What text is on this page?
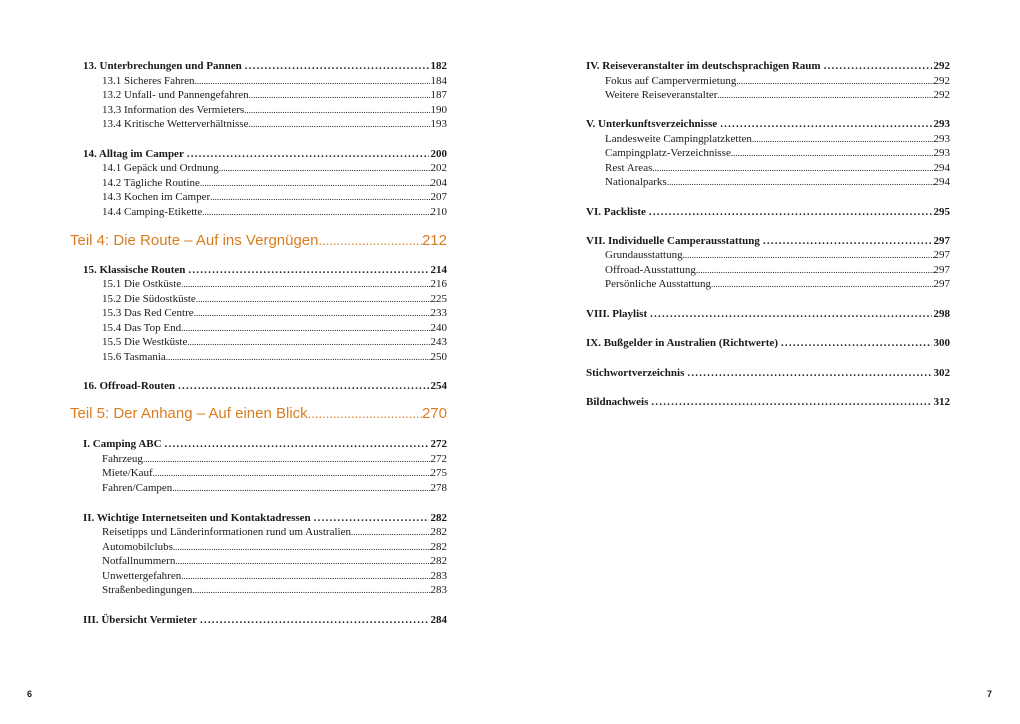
13. Unterbrechungen und Pannen .....	182
13.1 Sicheres Fahren .....	184
13.2 Unfall- und Pannengefahren .....	187
13.3 Information des Vermieters .....	190
13.4 Kritische Wetterverhältnisse .....	193
14. Alltag im Camper .....	200
14.1 Gepäck und Ordnung .....	202
14.2 Tägliche Routine .....	204
14.3 Kochen im Camper .....	207
14.4 Camping-Etikette .....	210
Teil 4: Die Route – Auf ins Vergnügen .....	212
15. Klassische Routen .....	214
15.1 Die Ostküste .....	216
15.2 Die Südostküste .....	225
15.3 Das Red Centre .....	233
15.4 Das Top End .....	240
15.5 Die Westküste .....	243
15.6 Tasmania .....	250
16. Offroad-Routen .....	254
Teil 5: Der Anhang – Auf einen Blick .....	270
I. Camping ABC .....	272
Fahrzeug .....	272
Miete/Kauf .....	275
Fahren/Campen .....	278
II. Wichtige Internetseiten und Kontaktadressen .....	282
Reisetipps und Länderinformationen rund um Australien .....	282
Automobilclubs .....	282
Notfallnummern .....	282
Unwettergefahren .....	283
Straßenbedingungen .....	283
III. Übersicht Vermieter .....	284
IV. Reiseveranstalter im deutschsprachigen Raum .....	292
Fokus auf Campervermietung .....	292
Weitere Reiseveranstalter .....	292
V. Unterkunftsverzeichnisse .....	293
Landesweite Campingplatzketten .....	293
Campingplatz-Verzeichnisse .....	293
Rest Areas .....	294
Nationalparks .....	294
VI. Packliste .....	295
VII. Individuelle Camperausstattung .....	297
Grundausstattung .....	297
Offroad-Ausstattung .....	297
Persönliche Ausstattung .....	297
VIII. Playlist .....	298
IX. Bußgelder in Australien (Richtwerte) .....	300
Stichwortverzeichnis .....	302
Bildnachweis .....	312
6	7
